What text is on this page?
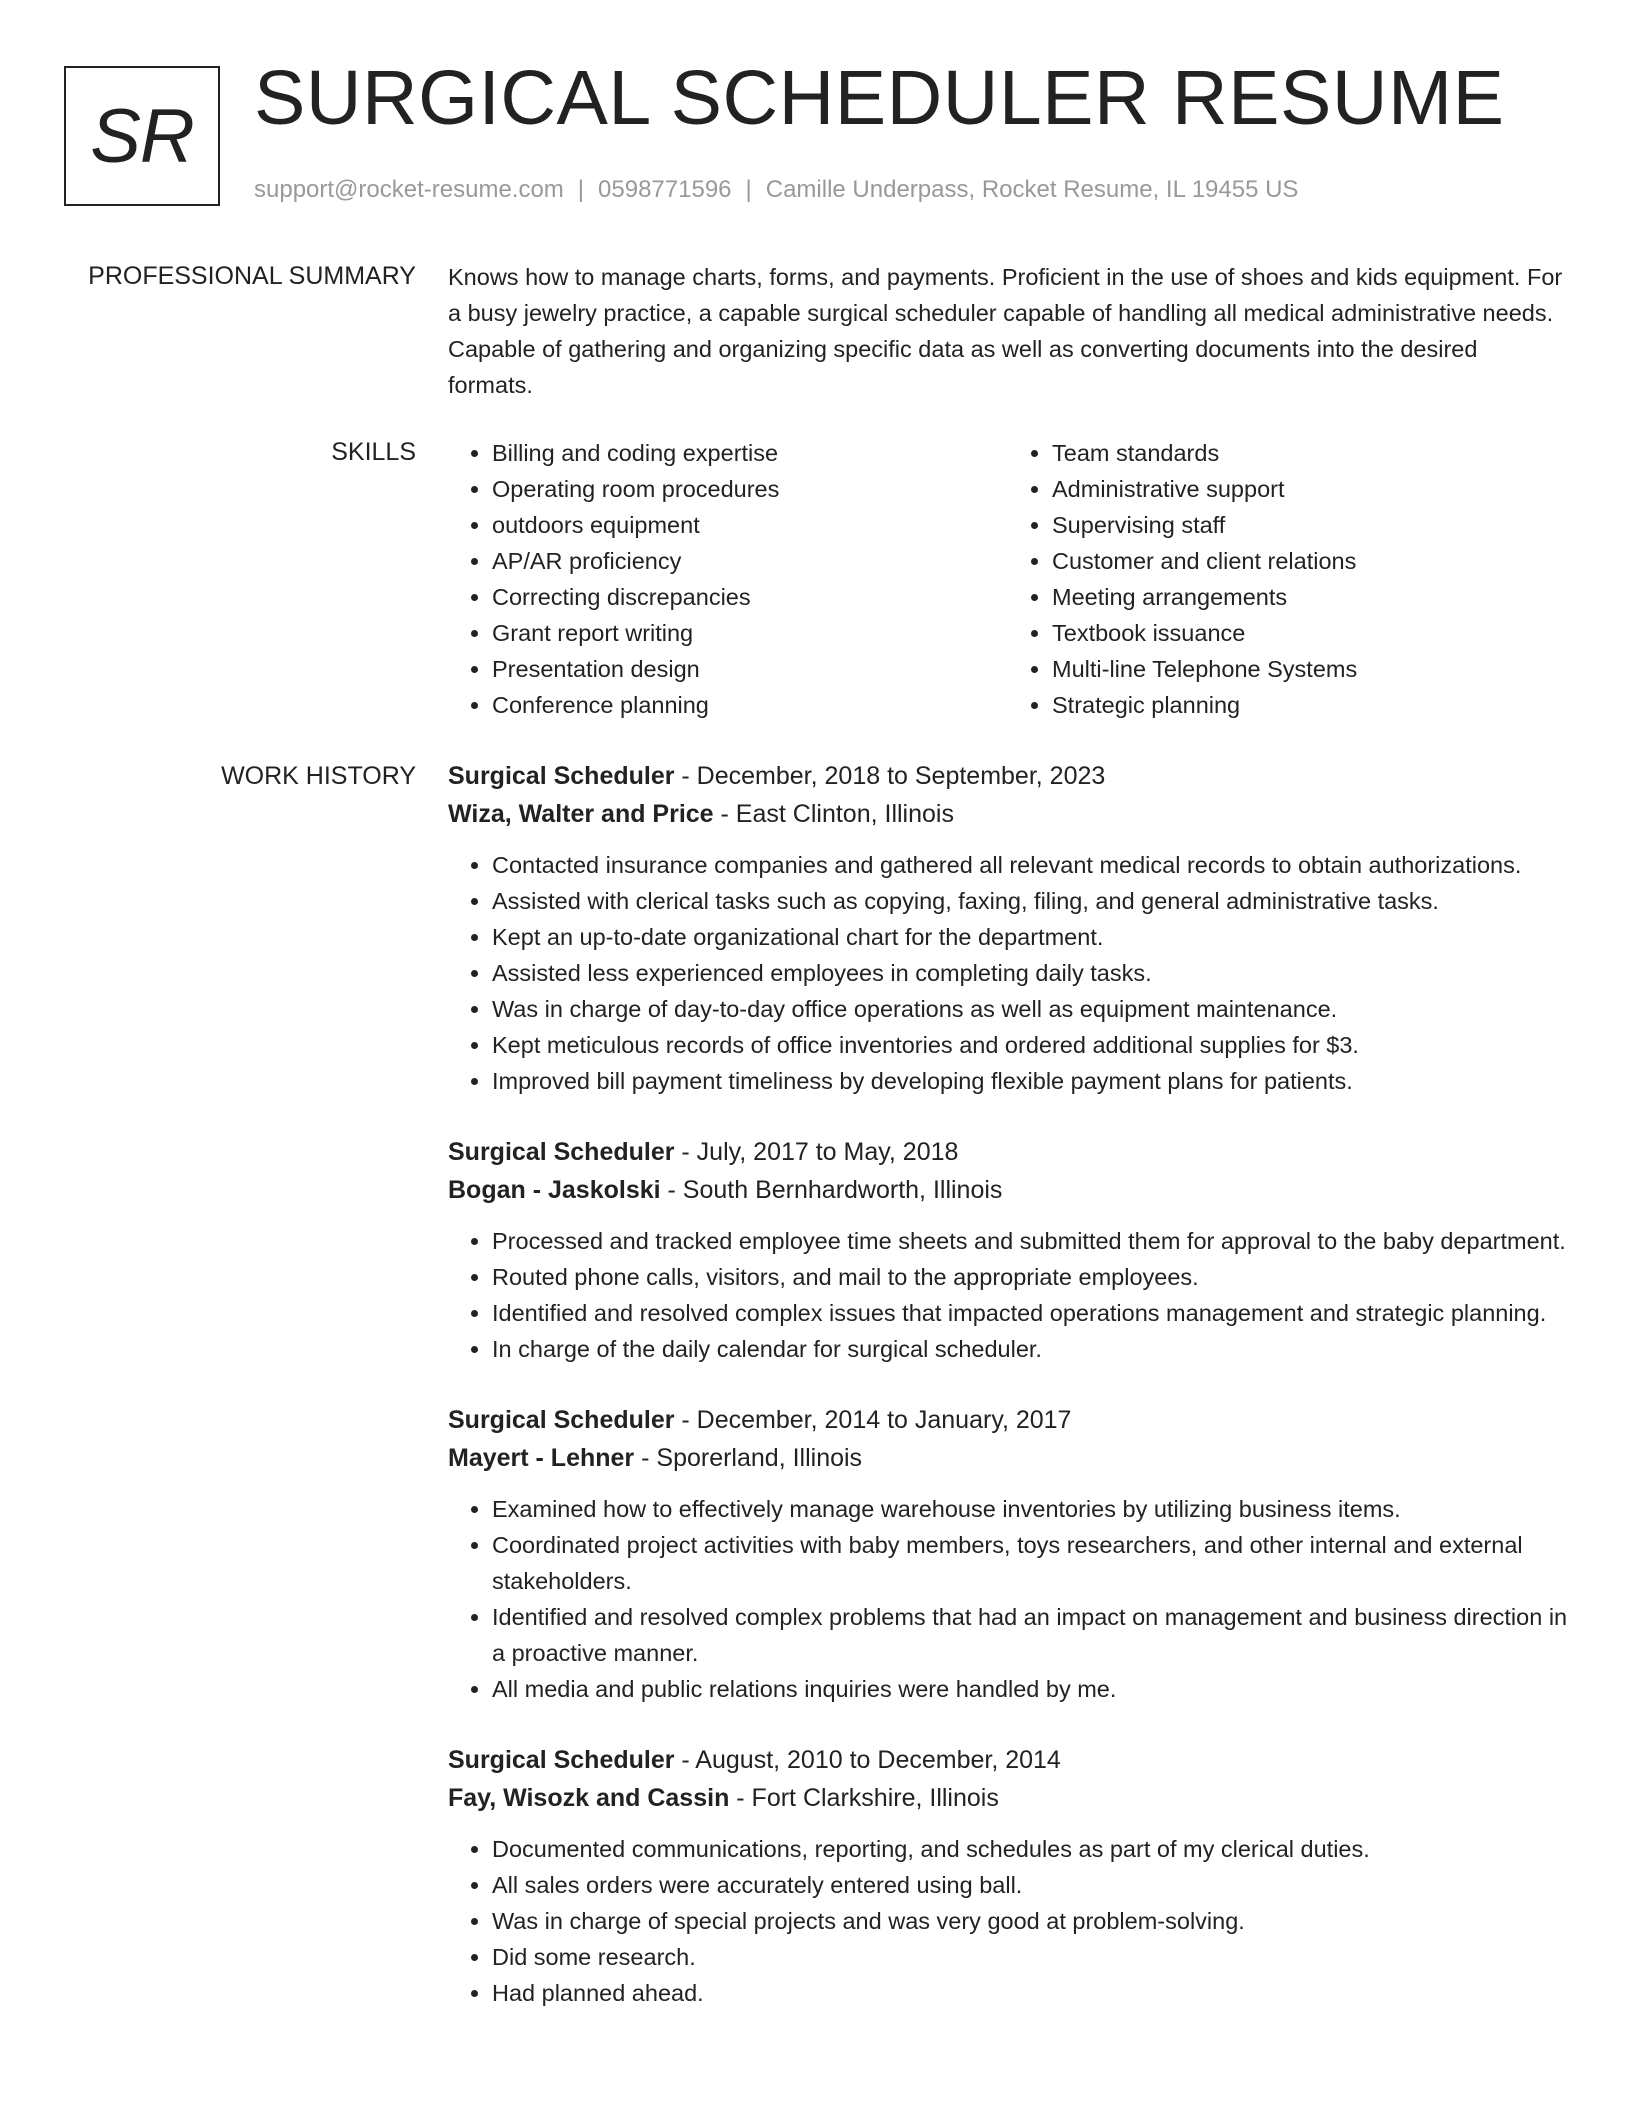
SR SURGICAL SCHEDULER RESUME
support@rocket-resume.com | 0598771596 | Camille Underpass, Rocket Resume, IL 19455 US
PROFESSIONAL SUMMARY Knows how to manage charts, forms, and payments. Proficient in the use of shoes and kids equipment. For a busy jewelry practice, a capable surgical scheduler capable of handling all medical administrative needs. Capable of gathering and organizing specific data as well as converting documents into the desired formats.

SKILLS
•	Billing and coding expertise
• Operating room procedures
• outdoors equipment
• AP/AR proficiency
• Correcting discrepancies
• Grant report writing
• Presentation design
• Conference planning
• Team standards
• Administrative support
• Supervising staff
• Customer and client relations
• Meeting arrangements
• Textbook issuance
• Multi-line Telephone Systems
• Strategic planning
WORK HISTORY Surgical Scheduler - December, 2018 to September, 2023
Wiza, Walter and Price - East Clinton, Illinois
• Contacted insurance companies and gathered all relevant medical records to obtain authorizations.
• Assisted with clerical tasks such as copying, faxing, filing, and general administrative tasks.
• Kept an up-to-date organizational chart for the department.
• Assisted less experienced employees in completing daily tasks.
• Was in charge of day-to-day office operations as well as equipment maintenance.
• Kept meticulous records of office inventories and ordered additional supplies for $3.
• Improved bill payment timeliness by developing flexible payment plans for patients.
Surgical Scheduler - July, 2017 to May, 2018
Bogan - Jaskolski - South Bernhardworth, Illinois
• Processed and tracked employee time sheets and submitted them for approval to the baby department.
• Routed phone calls, visitors, and mail to the appropriate employees.
• Identified and resolved complex issues that impacted operations management and strategic planning.
• In charge of the daily calendar for surgical scheduler.
Surgical Scheduler - December, 2014 to January, 2017
Mayert - Lehner - Sporerland, Illinois
• Examined how to effectively manage warehouse inventories by utilizing business items.
• Coordinated project activities with baby members, toys researchers, and other internal and external stakeholders.
• Identified and resolved complex problems that had an impact on management and business direction in a proactive manner.
• All media and public relations inquiries were handled by me.
Surgical Scheduler - August, 2010 to December, 2014
Fay, Wisozk and Cassin - Fort Clarkshire, Illinois
• Documented communications, reporting, and schedules as part of my clerical duties.
• All sales orders were accurately entered using ball.
• Was in charge of special projects and was very good at problem-solving.
• Did some research.
• Had planned ahead.
